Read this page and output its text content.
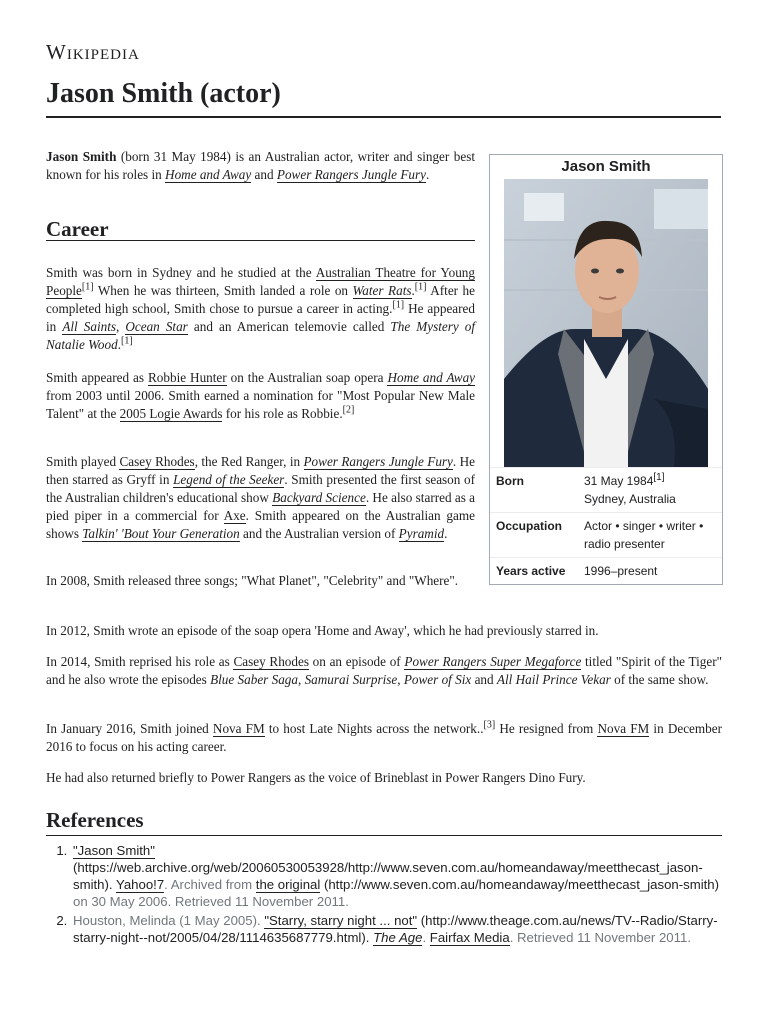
Wikipedia
Jason Smith (actor)

Jason Smith (born 31 May 1984) is an Australian actor, writer and singer best known for his roles in Home and Away and Power Rangers Jungle Fury.

Career

Smith was born in Sydney and he studied at the Australian Theatre for Young People[1] When he was thirteen, Smith landed a role on Water Rats.[1] After he completed high school, Smith chose to pursue a career in acting.[1] He appeared in All Saints, Ocean Star and an American telemovie called The Mystery of Natalie Wood.[1]

Smith appeared as Robbie Hunter on the Australian soap opera Home and Away from 2003 until 2006. Smith earned a nomination for "Most Popular New Male Talent" at the 2005 Logie Awards for his role as Robbie.[2]

Smith played Casey Rhodes, the Red Ranger, in Power Rangers Jungle Fury. He then starred as Gryff in Legend of the Seeker. Smith presented the first season of the Australian children's educational show Backyard Science. He also starred as a pied piper in a commercial for Axe. Smith appeared on the Australian game shows Talkin' 'Bout Your Generation and the Australian version of Pyramid.

In 2008, Smith released three songs; "What Planet", "Celebrity" and "Where".

In 2012, Smith wrote an episode of the soap opera 'Home and Away', which he had previously starred in.

In 2014, Smith reprised his role as Casey Rhodes on an episode of Power Rangers Super Megaforce titled "Spirit of the Tiger" and he also wrote the episodes Blue Saber Saga, Samurai Surprise, Power of Six and All Hail Prince Vekar of the same show.

In January 2016, Smith joined Nova FM to host Late Nights across the network..[3] He resigned from Nova FM in December 2016 to focus on his acting career.

He had also returned briefly to Power Rangers as the voice of Brineblast in Power Rangers Dino Fury.

Jason Smith
Born	31 May 1984[1]
Sydney, Australia
Occupation	Actor • singer • writer • radio presenter
Years active	1996–present
References
1. "Jason Smith" (https://web.archive.org/web/20060530053928/http://www.seven.com.au/homeandaway/meetthecast_jason-smith). Yahoo!7. Archived from the original (http://www.seven.com.au/homeandaway/meetthecast_jason-smith) on 30 May 2006. Retrieved 11 November 2011.
2. Houston, Melinda (1 May 2005). "Starry, starry night ... not" (http://www.theage.com.au/news/TV--Radio/Starry-starry-night--not/2005/04/28/1114635687779.html). The Age. Fairfax Media. Retrieved 11 November 2011.
